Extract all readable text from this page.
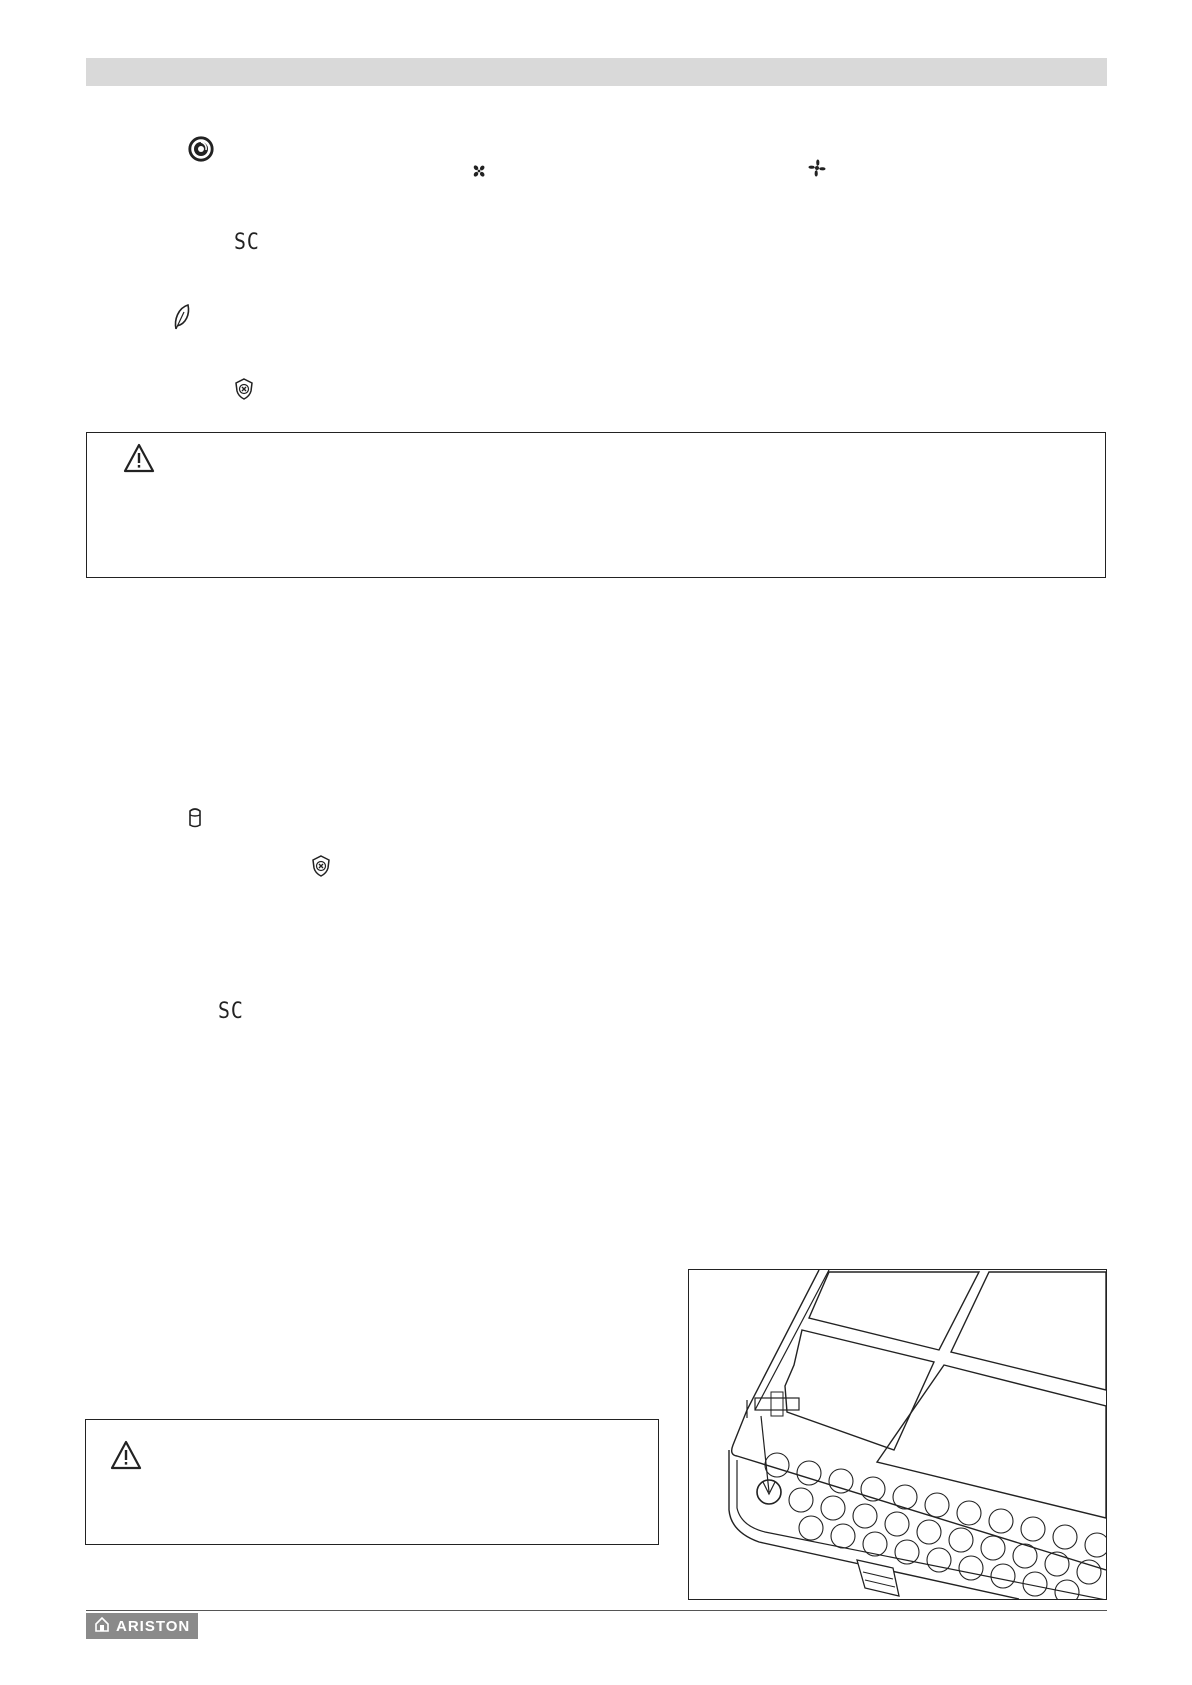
SC
SC
ARISTON
